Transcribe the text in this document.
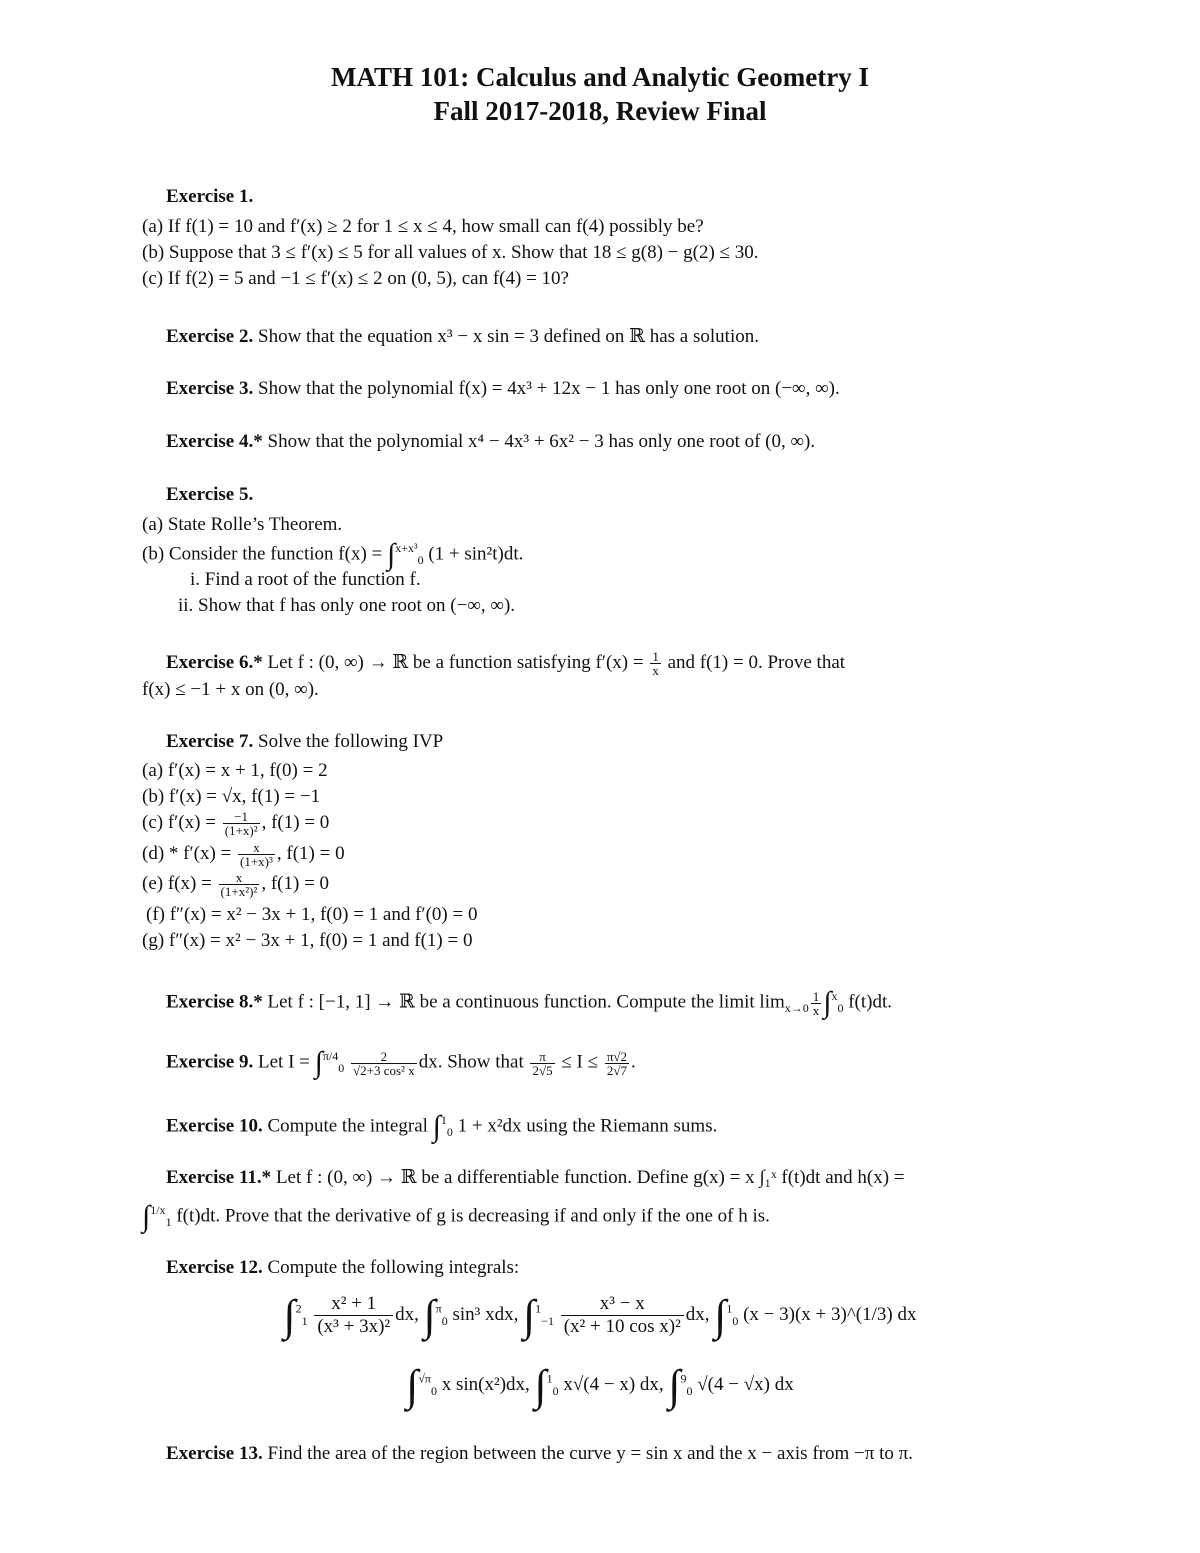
MATH 101: Calculus and Analytic Geometry I
Fall 2017-2018, Review Final
Exercise 1.
(a) If f(1) = 10 and f′(x) ≥ 2 for 1 ≤ x ≤ 4, how small can f(4) possibly be?
(b) Suppose that 3 ≤ f′(x) ≤ 5 for all values of x. Show that 18 ≤ g(8) − g(2) ≤ 30.
(c) If f(2) = 5 and −1 ≤ f′(x) ≤ 2 on (0, 5), can f(4) = 10?
Exercise 2. Show that the equation x³ − x sin = 3 defined on ℝ has a solution.
Exercise 3. Show that the polynomial f(x) = 4x³ + 12x − 1 has only one root on (−∞, ∞).
Exercise 4.* Show that the polynomial x⁴ − 4x³ + 6x² − 3 has only one root of (0, ∞).
Exercise 5.
(a) State Rolle’s Theorem.
(b) Consider the function f(x) = ∫$^{x+x^3}_0$ (1 + sin²t)dt.
i. Find a root of the function f.
ii. Show that f has only one root on (−∞, ∞).
Exercise 6.* Let f : (0, ∞) → ℝ be a function satisfying $f'(x) = \frac{1}{x}$ and f(1) = 0. Prove that
f(x) ≤ −1 + x on (0, ∞).
Exercise 7. Solve the following IVP
(a) f′(x) = x + 1, f(0) = 2
(b) f′(x) = √x, f(1) = −1
(c) $f'(x) = \frac{-1}{\text{(1+x)²}}$ , f(1) = 0
$(d) * f'(x) = \frac{x}{\text{(1+x)³}}$ , f(1) = 0
(e) $f(x) = \frac{x}{\text{(1+x²)²}}$ , f(1) = 0
(f) f″(x) = x² − 3x + 1, f(0) = 1 and f′(0) = 0
(g) f″(x) = x² − 3x + 1, f(0) = 1 and f(1) = 0
Exercise 8.* Let f : [−1, 1] → ℝ be a continuous function. Compute the limit $\lim_{x\to 0} \frac{1}{x} \int^x_0$ f(t)dt.
Exercise 9. Let $I = \int^{\pi/4}_0 \frac{2}{\text{√2+3 cos² x}}$ dx. Show that $\frac{\pi}{2√5} \le I \le \frac{\pi√2}{2√7}$ .
Exercise 10. Compute the integral ∫$^1_0$ 1 + x²dx using the Riemann sums.
Exercise 11.* Let f : (0, ∞) → ℝ be a differentiable function. Define g(x) = x ∫₁ˣ f(t)dt and h(x) =
∫$^{1/x}_1$ f(t)dt. Prove that the derivative of g is decreasing if and only if the one of h is.
Exercise 12. Compute the following integrals:
$\int^2_1 \frac{\text{x² + 1}}{\text{(x³ + 3x)²}}$ dx, ∫$^\pi_0$ sin³ xdx, $\int^1_{-1} \frac{\text{x³ − x}}{\text{(x² + 10 cos x)²}}$ dx, ∫$^1_0$ (x − 3)(x + 3)^(1/3) dx
∫$^{√\pi}_0$ x sin(x²)dx, ∫$^1_0$ x√(4 − x) dx, ∫$^9_0$ √(4 − √x) dx
Exercise 13. Find the area of the region between the curve y = sin x and the x − axis from −π to π.
